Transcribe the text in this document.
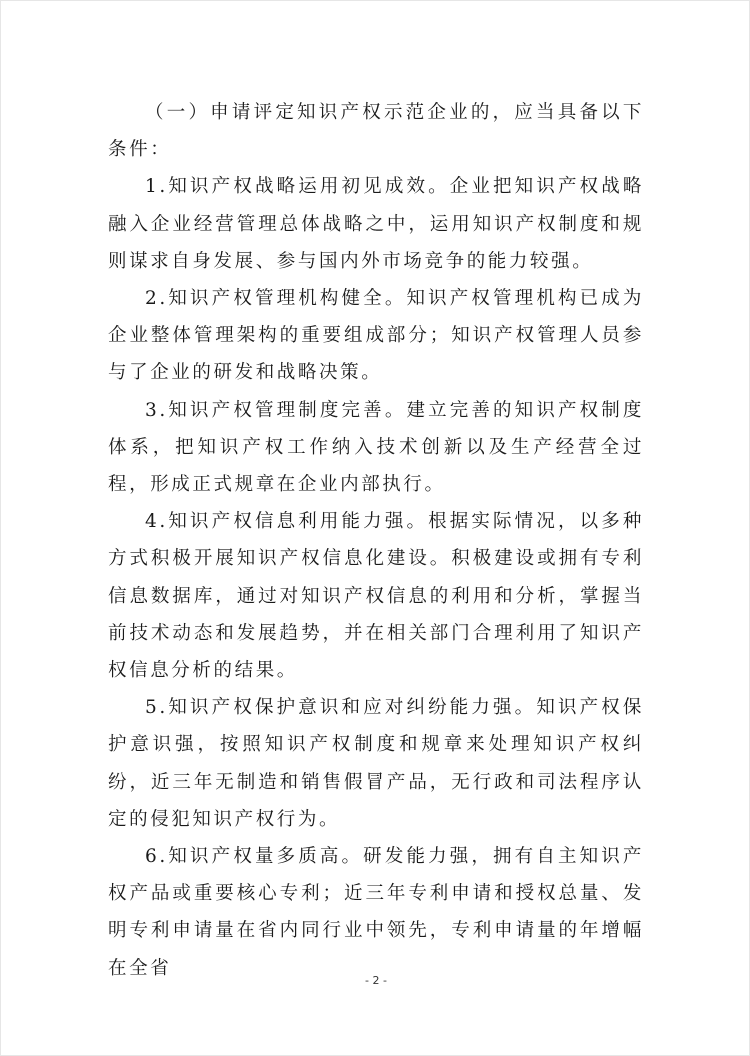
（一）申请评定知识产权示范企业的，应当具备以下条件：

1.知识产权战略运用初见成效。企业把知识产权战略融入企业经营管理总体战略之中，运用知识产权制度和规则谋求自身发展、参与国内外市场竞争的能力较强。

2.知识产权管理机构健全。知识产权管理机构已成为企业整体管理架构的重要组成部分；知识产权管理人员参与了企业的研发和战略决策。

3.知识产权管理制度完善。建立完善的知识产权制度体系，把知识产权工作纳入技术创新以及生产经营全过程，形成正式规章在企业内部执行。

4.知识产权信息利用能力强。根据实际情况，以多种方式积极开展知识产权信息化建设。积极建设或拥有专利信息数据库，通过对知识产权信息的利用和分析，掌握当前技术动态和发展趋势，并在相关部门合理利用了知识产权信息分析的结果。

5.知识产权保护意识和应对纠纷能力强。知识产权保护意识强，按照知识产权制度和规章来处理知识产权纠纷，近三年无制造和销售假冒产品，无行政和司法程序认定的侵犯知识产权行为。

6.知识产权量多质高。研发能力强，拥有自主知识产权产品或重要核心专利；近三年专利申请和授权总量、发明专利申请量在省内同行业中领先，专利申请量的年增幅在全省

- 2 -
